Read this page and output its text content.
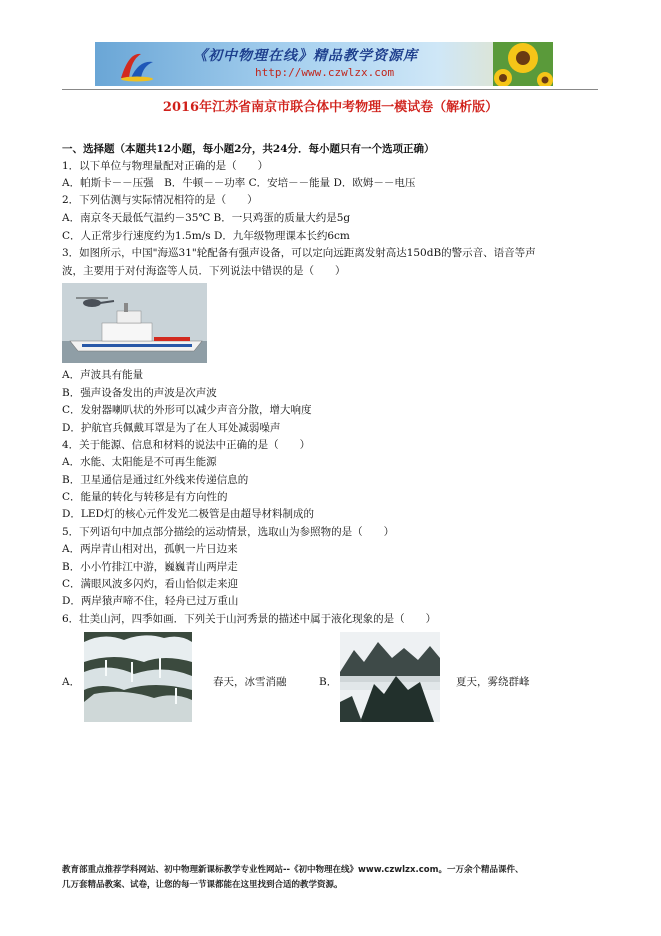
《初中物理在线》精品教学资源库
http://www.czwlzx.com
2016年江苏省南京市联合体中考物理一模试卷（解析版）
一、选择题（本题共12小题，每小题2分，共24分．每小题只有一个选项正确）
1．以下单位与物理量配对正确的是（　　）
A．帕斯卡－－压强　B．牛顿－－功率 C．安培－－能量 D．欧姆－－电压
2．下列估测与实际情况相符的是（　　）
A．南京冬天最低气温约－35℃ B．一只鸡蛋的质量大约是5g
C．人正常步行速度约为1.5m/s D．九年级物理课本长约6cm
3．如图所示，中国"海巡31"轮配备有强声设备，可以定向远距离发射高达150dB的警示音、语音等声
波，主要用于对付海盗等人员．下列说法中错误的是（　　）
A．声波具有能量
B．强声设备发出的声波是次声波
C．发射器喇叭状的外形可以减少声音分散，增大响度
D．护航官兵佩戴耳罩是为了在人耳处减弱噪声
4．关于能源、信息和材料的说法中正确的是（　　）
A．水能、太阳能是不可再生能源
B．卫星通信是通过红外线来传递信息的
C．能量的转化与转移是有方向性的
D．LED灯的核心元件发光二极管是由超导材料制成的
5．下列语句中加点部分描绘的运动情景，选取山为参照物的是（　　）
A．两岸青山相对出，孤帆一片日边来
B．小小竹排江中游，巍巍青山两岸走
C．满眼风波多闪灼，看山恰似走来迎
D．两岸猿声啼不住，轻舟已过万重山
6．壮美山河，四季如画．下列关于山河秀景的描述中属于液化现象的是（　　）
A．	春天，冰雪消融	B．	夏天，雾绕群峰
教育部重点推荐学科网站、初中物理新课标教学专业性网站--《初中物理在线》www.czwlzx.com。一万余个精品课件、
几万套精品教案、试卷，让您的每一节课都能在这里找到合适的教学资源。
